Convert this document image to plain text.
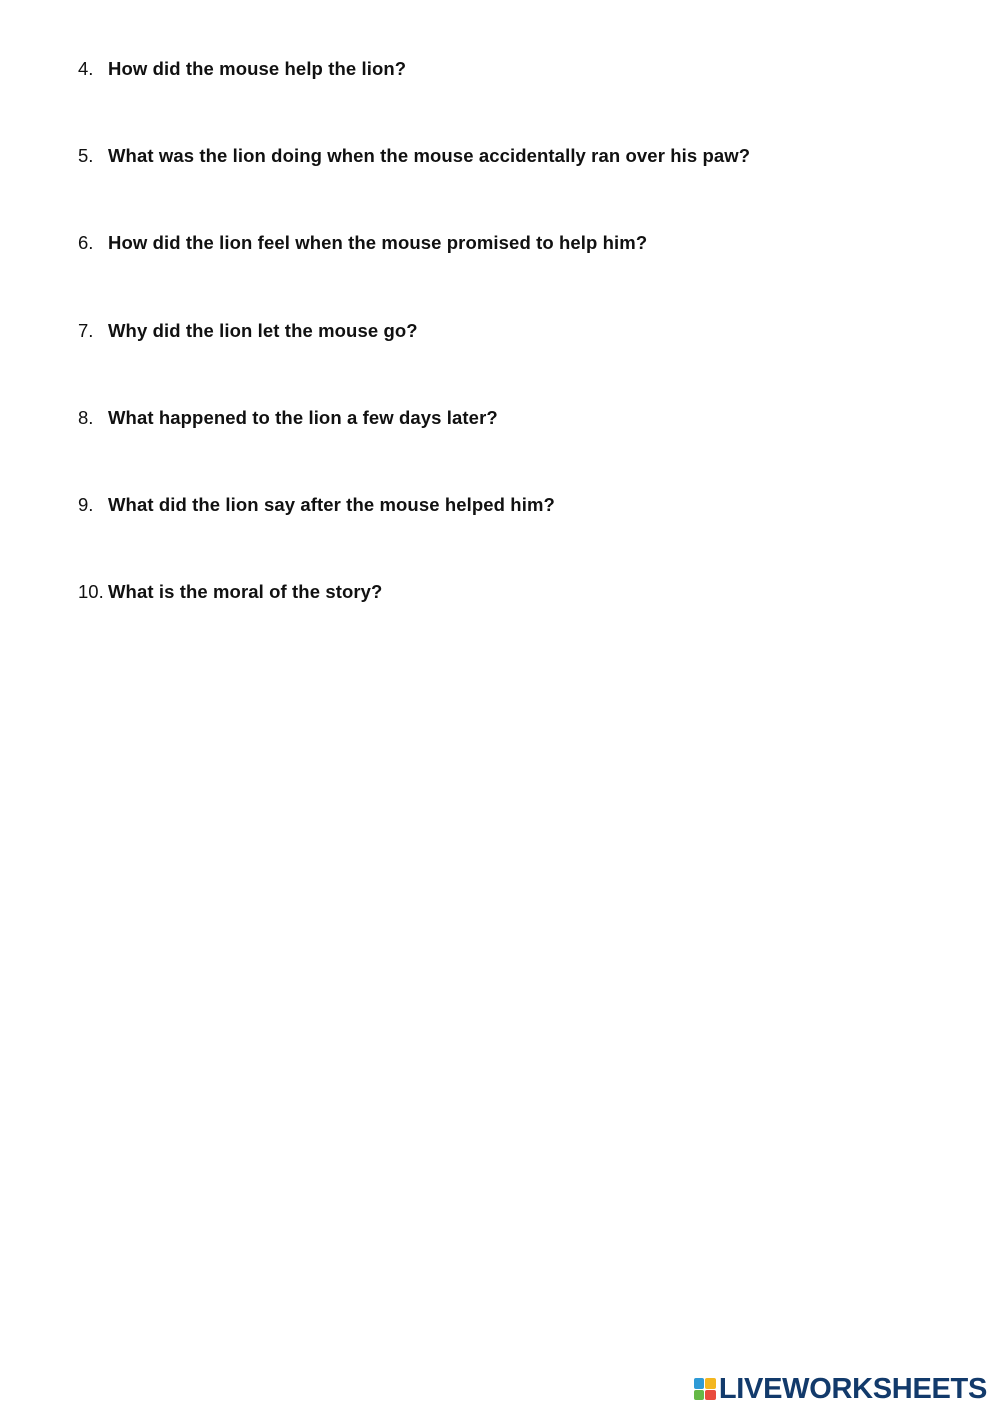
4. How did the mouse help the lion?
5. What was the lion doing when the mouse accidentally ran over his paw?
6. How did the lion feel when the mouse promised to help him?
7. Why did the lion let the mouse go?
8. What happened to the lion a few days later?
9. What did the lion say after the mouse helped him?
10. What is the moral of the story?
LIVEWORKSHEETS
